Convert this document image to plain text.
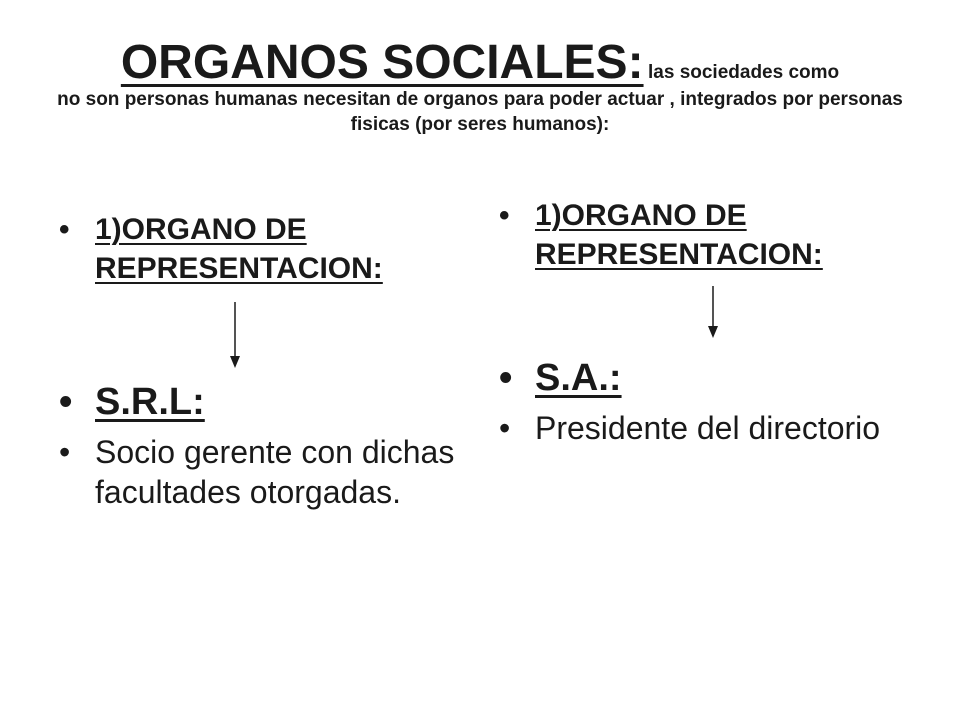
ORGANOS SOCIALES: las sociedades como
no son personas humanas necesitan de organos para poder actuar , integrados por personas fisicas (por seres humanos):
• 1)ORGANO DE REPRESENTACION:
• S.R.L:
• Socio gerente con dichas facultades otorgadas.
• 1)ORGANO DE REPRESENTACION:
• S.A.:
• Presidente del directorio
